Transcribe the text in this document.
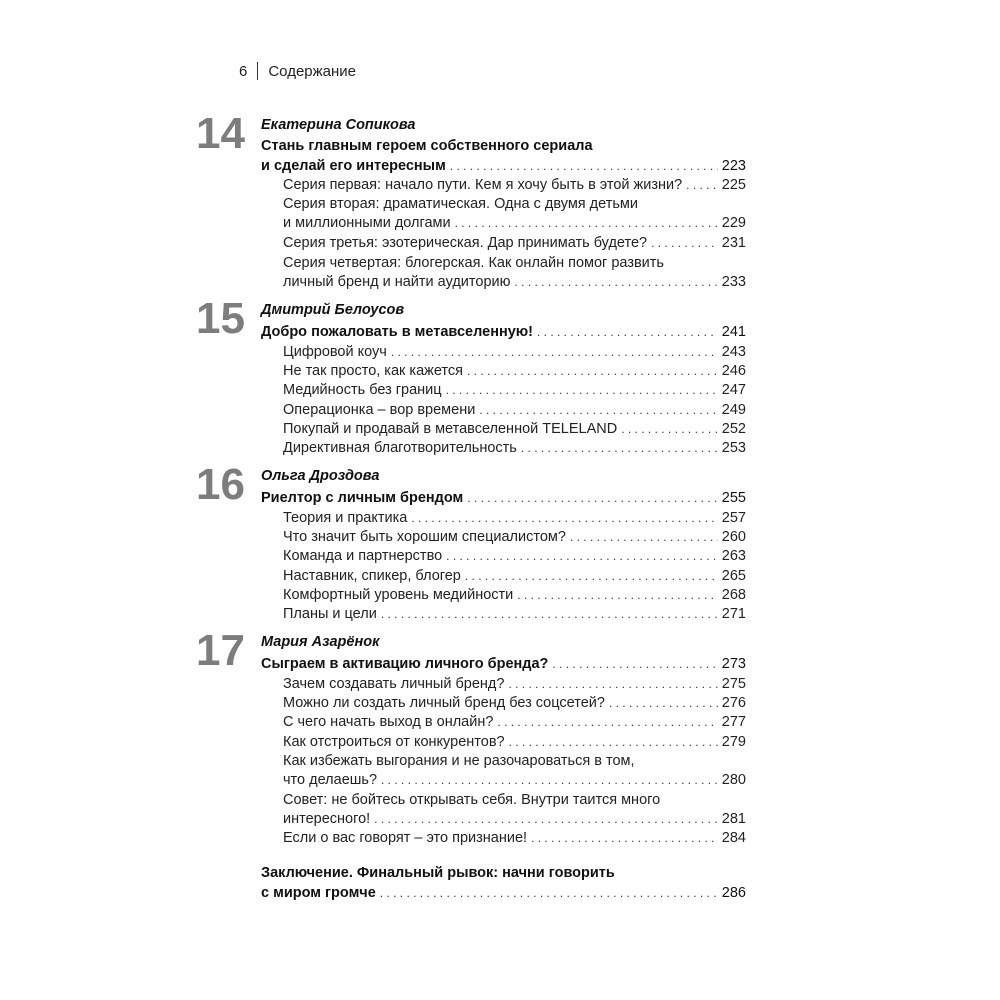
6 Содержание
14 Екатерина Сопикова
Стань главным героем собственного сериала
и сделай его интересным . . .	223
Серия первая: начало пути. Кем я хочу быть в этой жизни? . . .	225
Серия вторая: драматическая. Одна с двумя детьми
и миллионными долгами . . .	229
Серия третья: эзотерическая. Дар принимать будете? . . .	231
Серия четвертая: блогерская. Как онлайн помог развить
личный бренд и найти аудиторию . . .	233
15 Дмитрий Белоусов
Добро пожаловать в метавселенную! . . .	241
Цифровой коуч . . .	243
Не так просто, как кажется . . .	246
Медийность без границ . . .	247
Операционка – вор времени . . .	249
Покупай и продавай в метавселенной TELELAND . . .	252
Директивная благотворительность . . .	253
16 Ольга Дроздова
Риелтор с личным брендом . . .	255
Теория и практика . . .	257
Что значит быть хорошим специалистом? . . .	260
Команда и партнерство . . .	263
Наставник, спикер, блогер . . .	265
Комфортный уровень медийности . . .	268
Планы и цели . . .	271
17 Мария Азарёнок
Сыграем в активацию личного бренда? . . .	273
Зачем создавать личный бренд? . . .	275
Можно ли создать личный бренд без соцсетей? . . .	276
С чего начать выход в онлайн? . . .	277
Как отстроиться от конкурентов? . . .	279
Как избежать выгорания и не разочароваться в том,
что делаешь? . . .	280
Совет: не бойтесь открывать себя. Внутри таится много
интересного! . . .	281
Если о вас говорят – это признание! . . .	284
Заключение. Финальный рывок: начни говорить
с миром громче . . .	286
